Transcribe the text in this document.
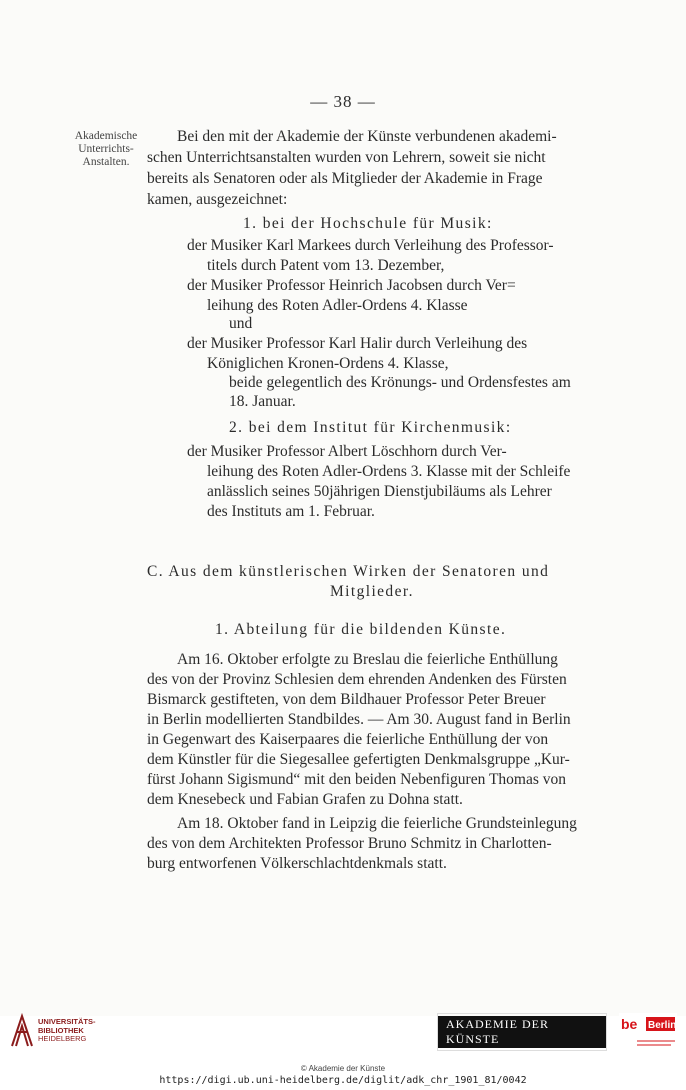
— 38 —
Akademische
Unterrichts-
Anstalten.
Bei den mit der Akademie der Künste verbundenen akademi-
schen Unterrichtsanstalten wurden von Lehrern, soweit sie nicht
bereits als Senatoren oder als Mitglieder der Akademie in Frage
kamen, ausgezeichnet:
1. bei der Hochschule für Musik:
der Musiker Karl Markees durch Verleihung des Professor-
titels durch Patent vom 13. Dezember,
der Musiker Professor Heinrich Jacobsen durch Ver=
leihung des Roten Adler-Ordens 4. Klasse
und
der Musiker Professor Karl Halir durch Verleihung des
Königlichen Kronen-Ordens 4. Klasse,
beide gelegentlich des Krönungs- und Ordensfestes am
18. Januar.
2. bei dem Institut für Kirchenmusik:
der Musiker Professor Albert Löschhorn durch Ver-
leihung des Roten Adler-Ordens 3. Klasse mit der Schleife
anlässlich seines 50jährigen Dienstjubiläums als Lehrer
des Instituts am 1. Februar.
C. Aus dem künstlerischen Wirken der Senatoren und
Mitglieder.
1. Abteilung für die bildenden Künste.
Am 16. Oktober erfolgte zu Breslau die feierliche Enthüllung
des von der Provinz Schlesien dem ehrenden Andenken des Fürsten
Bismarck gestifteten, von dem Bildhauer Professor Peter Breuer
in Berlin modellierten Standbildes. — Am 30. August fand in Berlin
in Gegenwart des Kaiserpaares die feierliche Enthüllung der von
dem Künstler für die Siegesallee gefertigten Denkmalsgruppe „Kur-
fürst Johann Sigismund“ mit den beiden Nebenfiguren Thomas von
dem Knesebeck und Fabian Grafen zu Dohna statt.
Am 18. Oktober fand in Leipzig die feierliche Grundsteinlegung
des von dem Architekten Professor Bruno Schmitz in Charlotten-
burg entworfenen Völkerschlachtdenkmals statt.
UNIVERSITÄTS-
BIBLIOTHEK
HEIDELBERG
AKADEMIE DER KÜNSTE
be Berlin
© Akademie der Künste
https://digi.ub.uni-heidelberg.de/diglit/adk_chr_1901_81/0042
